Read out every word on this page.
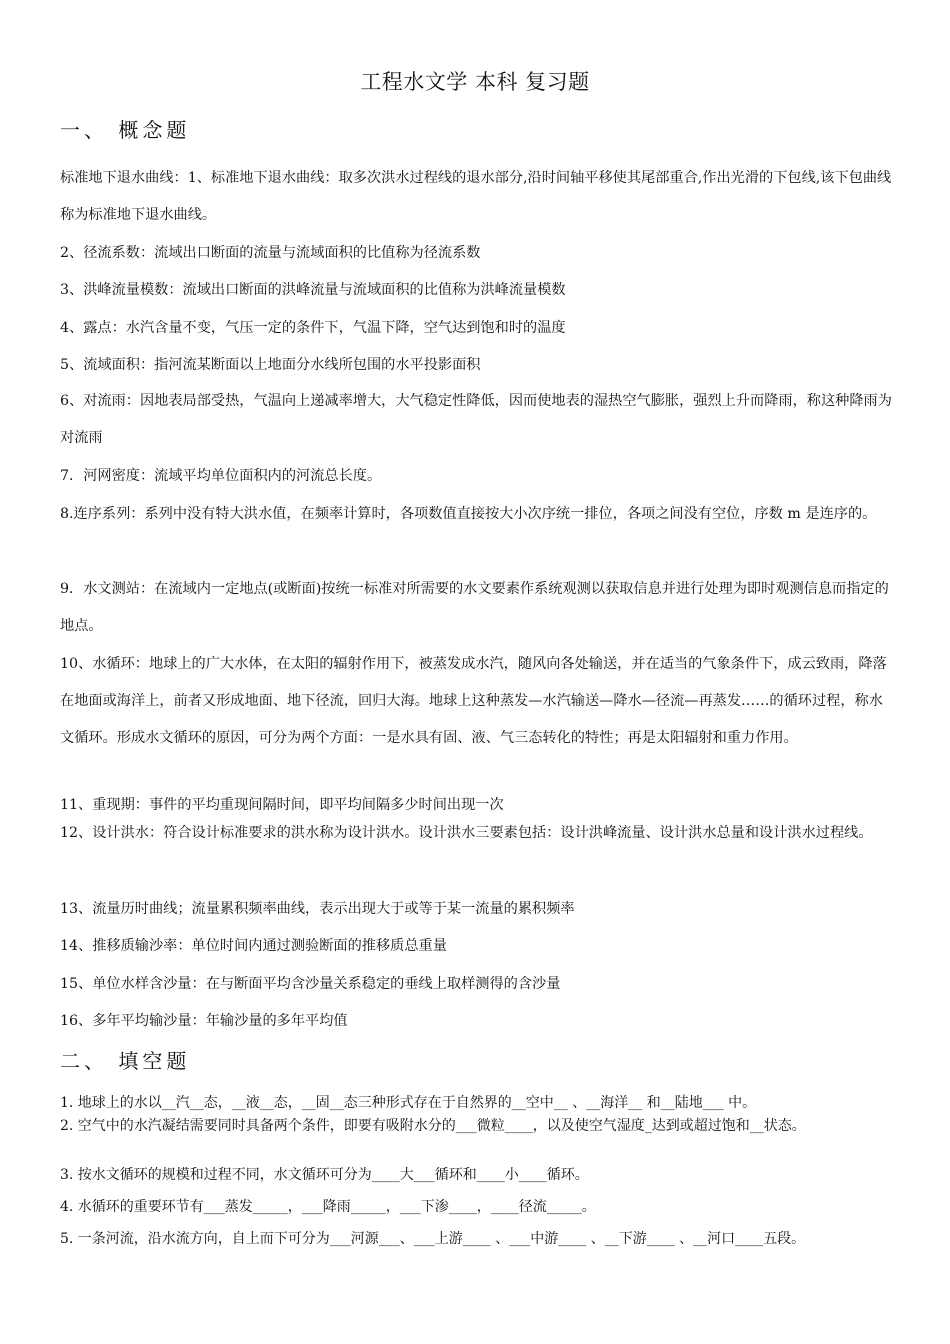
工程水文学 本科 复习题
一、 概念题
标准地下退水曲线：1、标准地下退水曲线：取多次洪水过程线的退水部分,沿时间轴平移使其尾部重合,作出光滑的下包线,该下包曲线称为标准地下退水曲线。
2、径流系数：流域出口断面的流量与流域面积的比值称为径流系数
3、洪峰流量模数：流域出口断面的洪峰流量与流域面积的比值称为洪峰流量模数
4、露点：水汽含量不变，气压一定的条件下，气温下降，空气达到饱和时的温度
5、流域面积：指河流某断面以上地面分水线所包围的水平投影面积
6、对流雨：因地表局部受热，气温向上递减率增大，大气稳定性降低，因而使地表的湿热空气膨胀，强烈上升而降雨，称这种降雨为对流雨
7．河网密度：流域平均单位面积内的河流总长度。
8.连序系列：系列中没有特大洪水值，在频率计算时，各项数值直接按大小次序统一排位，各项之间没有空位，序数 m 是连序的。
9．水文测站：在流域内一定地点(或断面)按统一标准对所需要的水文要素作系统观测以获取信息并进行处理为即时观测信息而指定的地点。
10、水循环：地球上的广大水体，在太阳的辐射作用下，被蒸发成水汽，随风向各处输送，并在适当的气象条件下，成云致雨，降落在地面或海洋上，前者又形成地面、地下径流，回归大海。地球上这种蒸发—水汽输送—降水—径流—再蒸发……的循环过程，称水文循环。形成水文循环的原因，可分为两个方面：一是水具有固、液、气三态转化的特性；再是太阳辐射和重力作用。
11、重现期：事件的平均重现间隔时间，即平均间隔多少时间出现一次
12、设计洪水：符合设计标准要求的洪水称为设计洪水。设计洪水三要素包括：设计洪峰流量、设计洪水总量和设计洪水过程线。
13、流量历时曲线；流量累积频率曲线，表示出现大于或等于某一流量的累积频率
14、推移质输沙率：单位时间内通过测验断面的推移质总重量
15、单位水样含沙量：在与断面平均含沙量关系稳定的垂线上取样测得的含沙量
16、多年平均输沙量：年输沙量的多年平均值
二、 填空题
1. 地球上的水以__汽__态，__液__态，__固__态三种形式存在于自然界的__空中__ 、__海洋__ 和__陆地___ 中。
2. 空气中的水汽凝结需要同时具备两个条件，即要有吸附水分的___微粒____，以及使空气湿度_达到或超过饱和__状态。
3. 按水文循环的规模和过程不同，水文循环可分为____大___循环和____小____循环。
4. 水循环的重要环节有___蒸发_____，___降雨_____，___下渗____，____径流_____。
5. 一条河流，沿水流方向，自上而下可分为___河源___、___上游____ 、___中游____ 、__下游____ 、__河口____五段。
